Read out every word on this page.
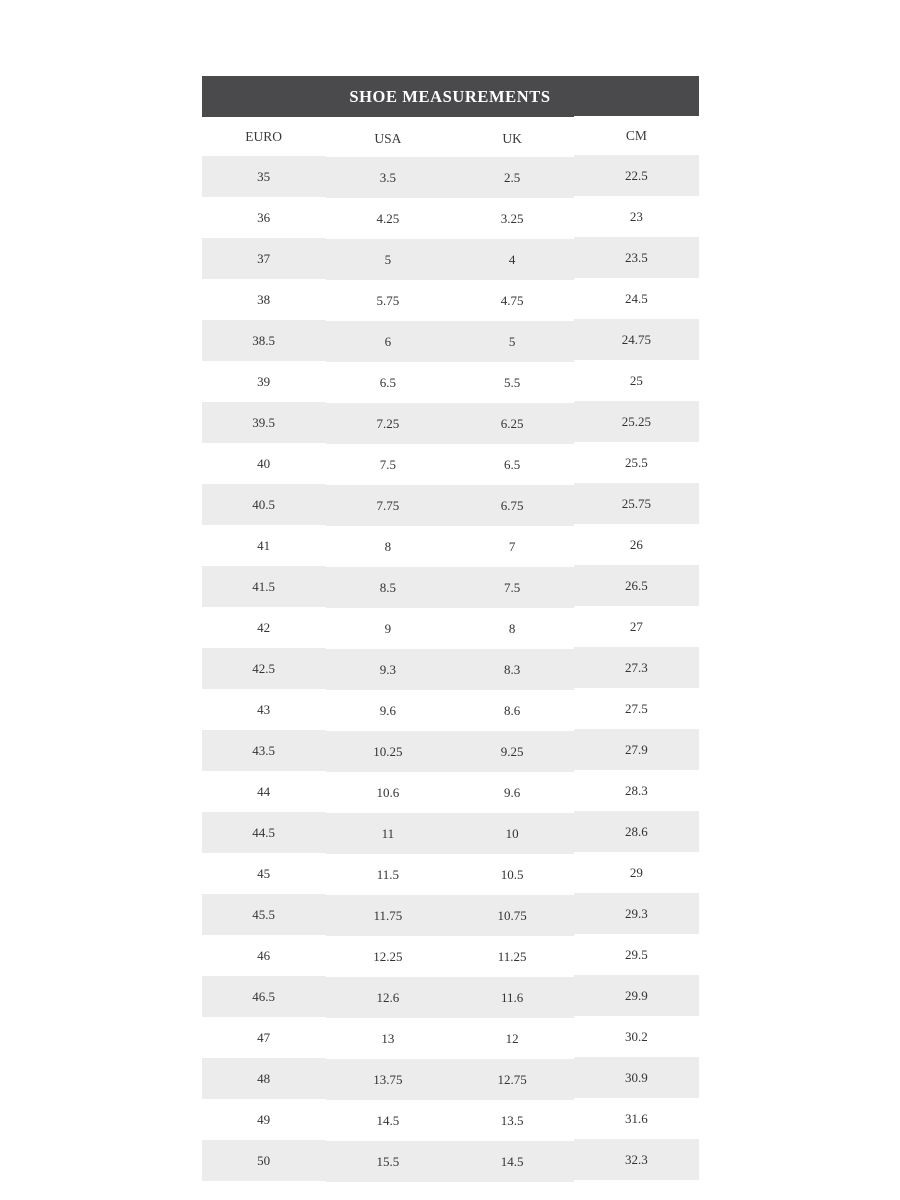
SHOE MEASUREMENTS			
EURO	USA	UK	CM
35	3.5	2.5	22.5
36	4.25	3.25	23
37	5	4	23.5
38	5.75	4.75	24.5
38.5	6	5	24.75
39	6.5	5.5	25
39.5	7.25	6.25	25.25
40	7.5	6.5	25.5
40.5	7.75	6.75	25.75
41	8	7	26
41.5	8.5	7.5	26.5
42	9	8	27
42.5	9.3	8.3	27.3
43	9.6	8.6	27.5
43.5	10.25	9.25	27.9
44	10.6	9.6	28.3
44.5	11	10	28.6
45	11.5	10.5	29
45.5	11.75	10.75	29.3
46	12.25	11.25	29.5
46.5	12.6	11.6	29.9
47	13	12	30.2
48	13.75	12.75	30.9
49	14.5	13.5	31.6
50	15.5	14.5	32.3
